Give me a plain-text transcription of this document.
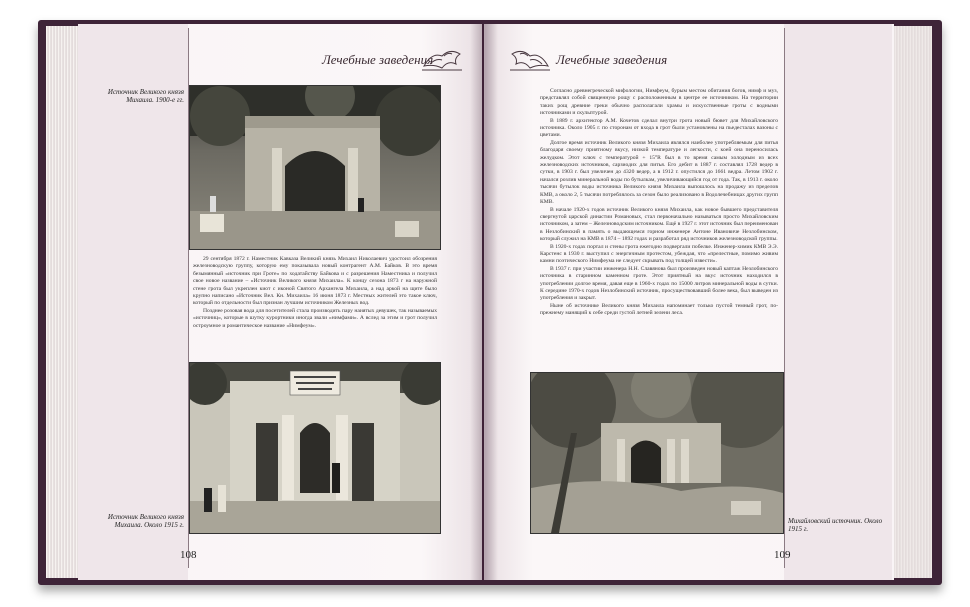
Лечебные заведения	Лечебные заведения
Источник Великого князя Михаила. 1900-е гг.
Источник Великого князя Михаила. Около 1915 г.
108

29 сентября 1872 г. Наместник Кавказа Великий князь Михаил Николаевич удостоил обозрения железноводскую группу, которую ему показывала новый контрагент А.М. Байков. В это время безымянный «источник при Гроте» по ходатайству Байкова и с разрешения Наместника и получил свое новое название – «Источник Великого князя Михаила». К концу сезона 1873 г на наружной стене грота был укреплен киот с иконой Святого Архангела Михаила, а над аркой на щите было крупно написано «Источник Вел. Кн. Михаила» 16 июня 1873 г. Местных жителей это такое ключ, который по отдельности был признан лучшим источником Железных вод.

Позднее розовая вода для посетителей стала производить пару наиятых девушек, так называемых «источниц», которые в шутку курортники иногда звали «нимфами». А вслед за этим и грот получил остроумное и романтическое название «Нимфеум».

Согласно древнегреческой мифологии, Нимфеум, бурым местом обитания богов, нимф и муз, представлял собой священную рощу с расположенным в центре ее источником. На территории таких рощ древние греки обычно располагали храмы и искусственные гроты с водными источниками и скульптурой.

В 1889 г. архитектор А.М. Кочетов сделал внутри грота новый бювет для Михайловского источника. Около 1905 г. по сторонам от входа в грот были установлены на пьедесталах вазоны с цветами.

Долгое время источник Великого князя Михаила являлся наиболее употребляемым для питья благодаря своему приятному вкусу, низкой температуре и легкости, с коей она переносилась желудком. Этот ключ с температурой + 15°R был в то время самым холодным из всех железноводских источников, сарзиодих для питья. Его дебит в 1887 г. составлял 1728 ведер в сутки, в 1903 г. был увеличен до 4320 ведер, а в 1912 г. опустился до 1661 ведра. Летом 1902 г. начался розлив минеральной воды по бутылкам, увеличивающийся год от года. Так, в 1913 г. около тысячи бутылок воды источника Великого князя Михаила выпошлось на продажу из пределов КМВ, а около 2, 5 тысячи потреблялось за сезон было реализовано в Водолечебницах других групп КМВ.

В начале 1920-х годов источник Великого князя Михаила, как новое бывшего представителя свергнутой царской династии Романовых, стал первоначально называться просто Михайловским источником, а затем – Железноводским источником. Ещё в 1927 г. этот источник был переименован в Незлобинский в память о выдающемся горном инженере Антоне Ивановиче Незлобинском, который служил на КМВ в 1874 – 1892 годах и разработал ряд источников железноводской группы.

В 1920-х годах портал и стены грота ежегодно подвергали побелке. Инженер-химик КМВ Э.Э. Карстенс в 1930 г. выступил с энергичным протестом, убеждая, что «прелестные, помимо живим камни поэтического Нимфеума не следует скрывать под толщей извести».

В 1937 г. при участии инженера Н.Н. Славянова был произведен новый каптаж Незлобинского источника в старинном каменном гроте. Этот приятный на вкус источник находился в употреблении долгое время, давая еще в 1960-х годах по 15000 литров минеральной воды в сутки. К середине 1970-х годов Незлобинский источник, просуществовавший более века, был выведен из употребления и закрыт.

Ныне об источнике Великого князя Михаила напоминает только пустой темный грот, по-прежнему манящий к себе среди густой летней зелени леса.

Михайловский источник. Около 1915 г.
109
